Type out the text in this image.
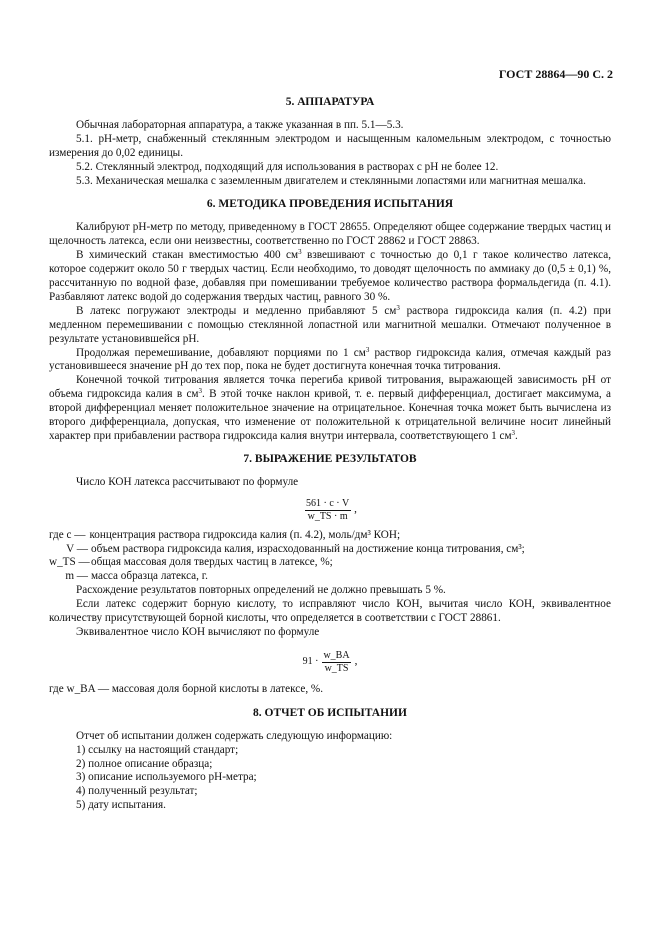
ГОСТ 28864—90 С. 2
5. АППАРАТУРА

Обычная лабораторная аппаратура, а также указанная в пп. 5.1—5.3.

5.1. рН-метр, снабженный стеклянным электродом и насыщенным каломельным электродом, с точностью измерения до 0,02 единицы.

5.2. Стеклянный электрод, подходящий для использования в растворах с рН не более 12.

5.3. Механическая мешалка с заземленным двигателем и стеклянными лопастями или магнитная мешалка.

6. МЕТОДИКА ПРОВЕДЕНИЯ ИСПЫТАНИЯ

Калибруют рН-метр по методу, приведенному в ГОСТ 28655. Определяют общее содержание твердых частиц и щелочность латекса, если они неизвестны, соответственно по ГОСТ 28862 и ГОСТ 28863.

В химический стакан вместимостью 400 $см^3$ взвешивают с точностью до 0,1 г такое количество латекса, которое содержит около 50 г твердых частиц. Если необходимо, то доводят щелочность по аммиаку до (0,5 ± 0,1) %, рассчитанную по водной фазе, добавляя при помешивании требуемое количество раствора формальдегида (п. 4.1). Разбавляют латекс водой до содержания твердых частиц, равного 30 %.

В латекс погружают электроды и медленно прибавляют 5 $см^3$ раствора гидроксида калия (п. 4.2) при медленном перемешивании с помощью стеклянной лопастной или магнитной мешалки. Отмечают полученное в результате установившейся рН.

Продолжая перемешивание, добавляют порциями по 1 $см^3$ раствор гидроксида калия, отмечая каждый раз установившееся значение рН до тех пор, пока не будет достигнута конечная точка титрования.

Конечной точкой титрования является точка перегиба кривой титрования, выражающей зависимость рН от объема гидроксида калия в $см^3$. В этой точке наклон кривой, т. е. первый дифференциал, достигает максимума, а второй дифференциал меняет положительное значение на отрицательное. Конечная точка может быть вычислена из второго дифференциала, допуская, что изменение от положительной к отрицательной величине носит линейный характер при прибавлении раствора гидроксида калия внутри интервала, соответствующего 1 $см^3$.

7. ВЫРАЖЕНИЕ РЕЗУЛЬТАТОВ

Число КОН латекса рассчитывают по формуле

$\frac{561 \cdot c \cdot V}{w\_TS \cdot m}$ ,
где c — концентрация раствора гидроксида калия (п. 4.2), моль/дм³ КОН;
V — объем раствора гидроксида калия, израсходованный на достижение конца титрования, см³;
w_TS — общая массовая доля твердых частиц в латексе, %;
m — масса образца латекса, г.

Расхождение результатов повторных определений не должно превышать 5 %.

Если латекс содержит борную кислоту, то исправляют число КОН, вычитая число КОН, эквивалентное количеству присутствующей борной кислоты, что определяется в соответствии с ГОСТ 28861.

Эквивалентное число КОН вычисляют по формуле

$91 \cdot \frac{w\_BA}{w\_TS}$ ,

где w_BA — массовая доля борной кислоты в латексе, %.

8. ОТЧЕТ ОБ ИСПЫТАНИИ

Отчет об испытании должен содержать следующую информацию:

1) ссылку на настоящий стандарт;
2) полное описание образца;
3) описание используемого рН-метра;
4) полученный результат;
5) дату испытания.
